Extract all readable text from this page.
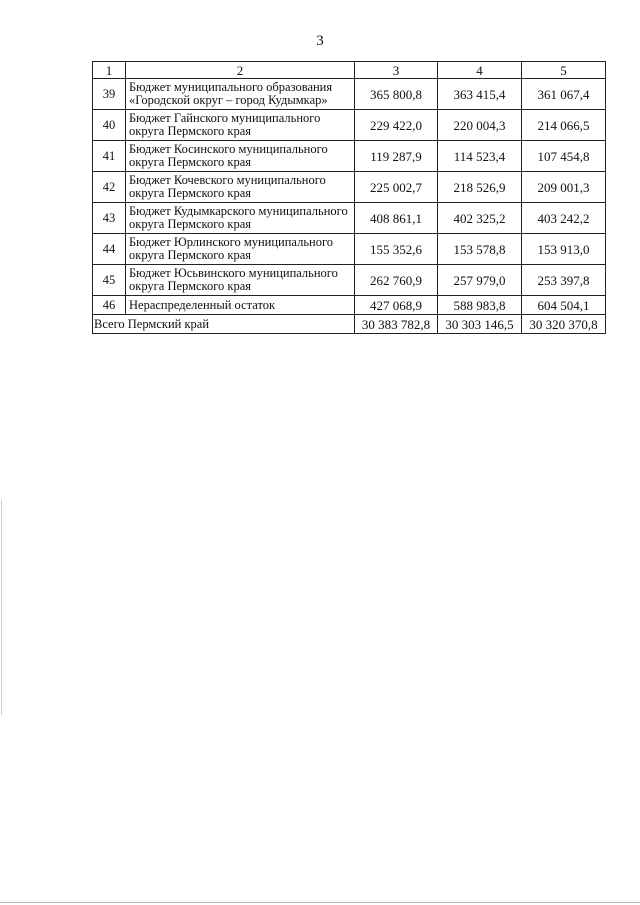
3
1	2	3	4	5
39	Бюджет муниципального образования «Городской округ – город Кудымкар»	365 800,8	363 415,4	361 067,4
40	Бюджет Гайнского муниципального округа Пермского края	229 422,0	220 004,3	214 066,5
41	Бюджет Косинского муниципального округа Пермского края	119 287,9	114 523,4	107 454,8
42	Бюджет Кочевского муниципального округа Пермского края	225 002,7	218 526,9	209 001,3
43	Бюджет Кудымкарского муниципального округа Пермского края	408 861,1	402 325,2	403 242,2
44	Бюджет Юрлинского муниципального округа Пермского края	155 352,6	153 578,8	153 913,0
45	Бюджет Юсьвинского муниципального округа Пермского края	262 760,9	257 979,0	253 397,8
46	Нераспределенный остаток	427 068,9	588 983,8	604 504,1
Всего Пермский край		30 383 782,8	30 303 146,5	30 320 370,8
